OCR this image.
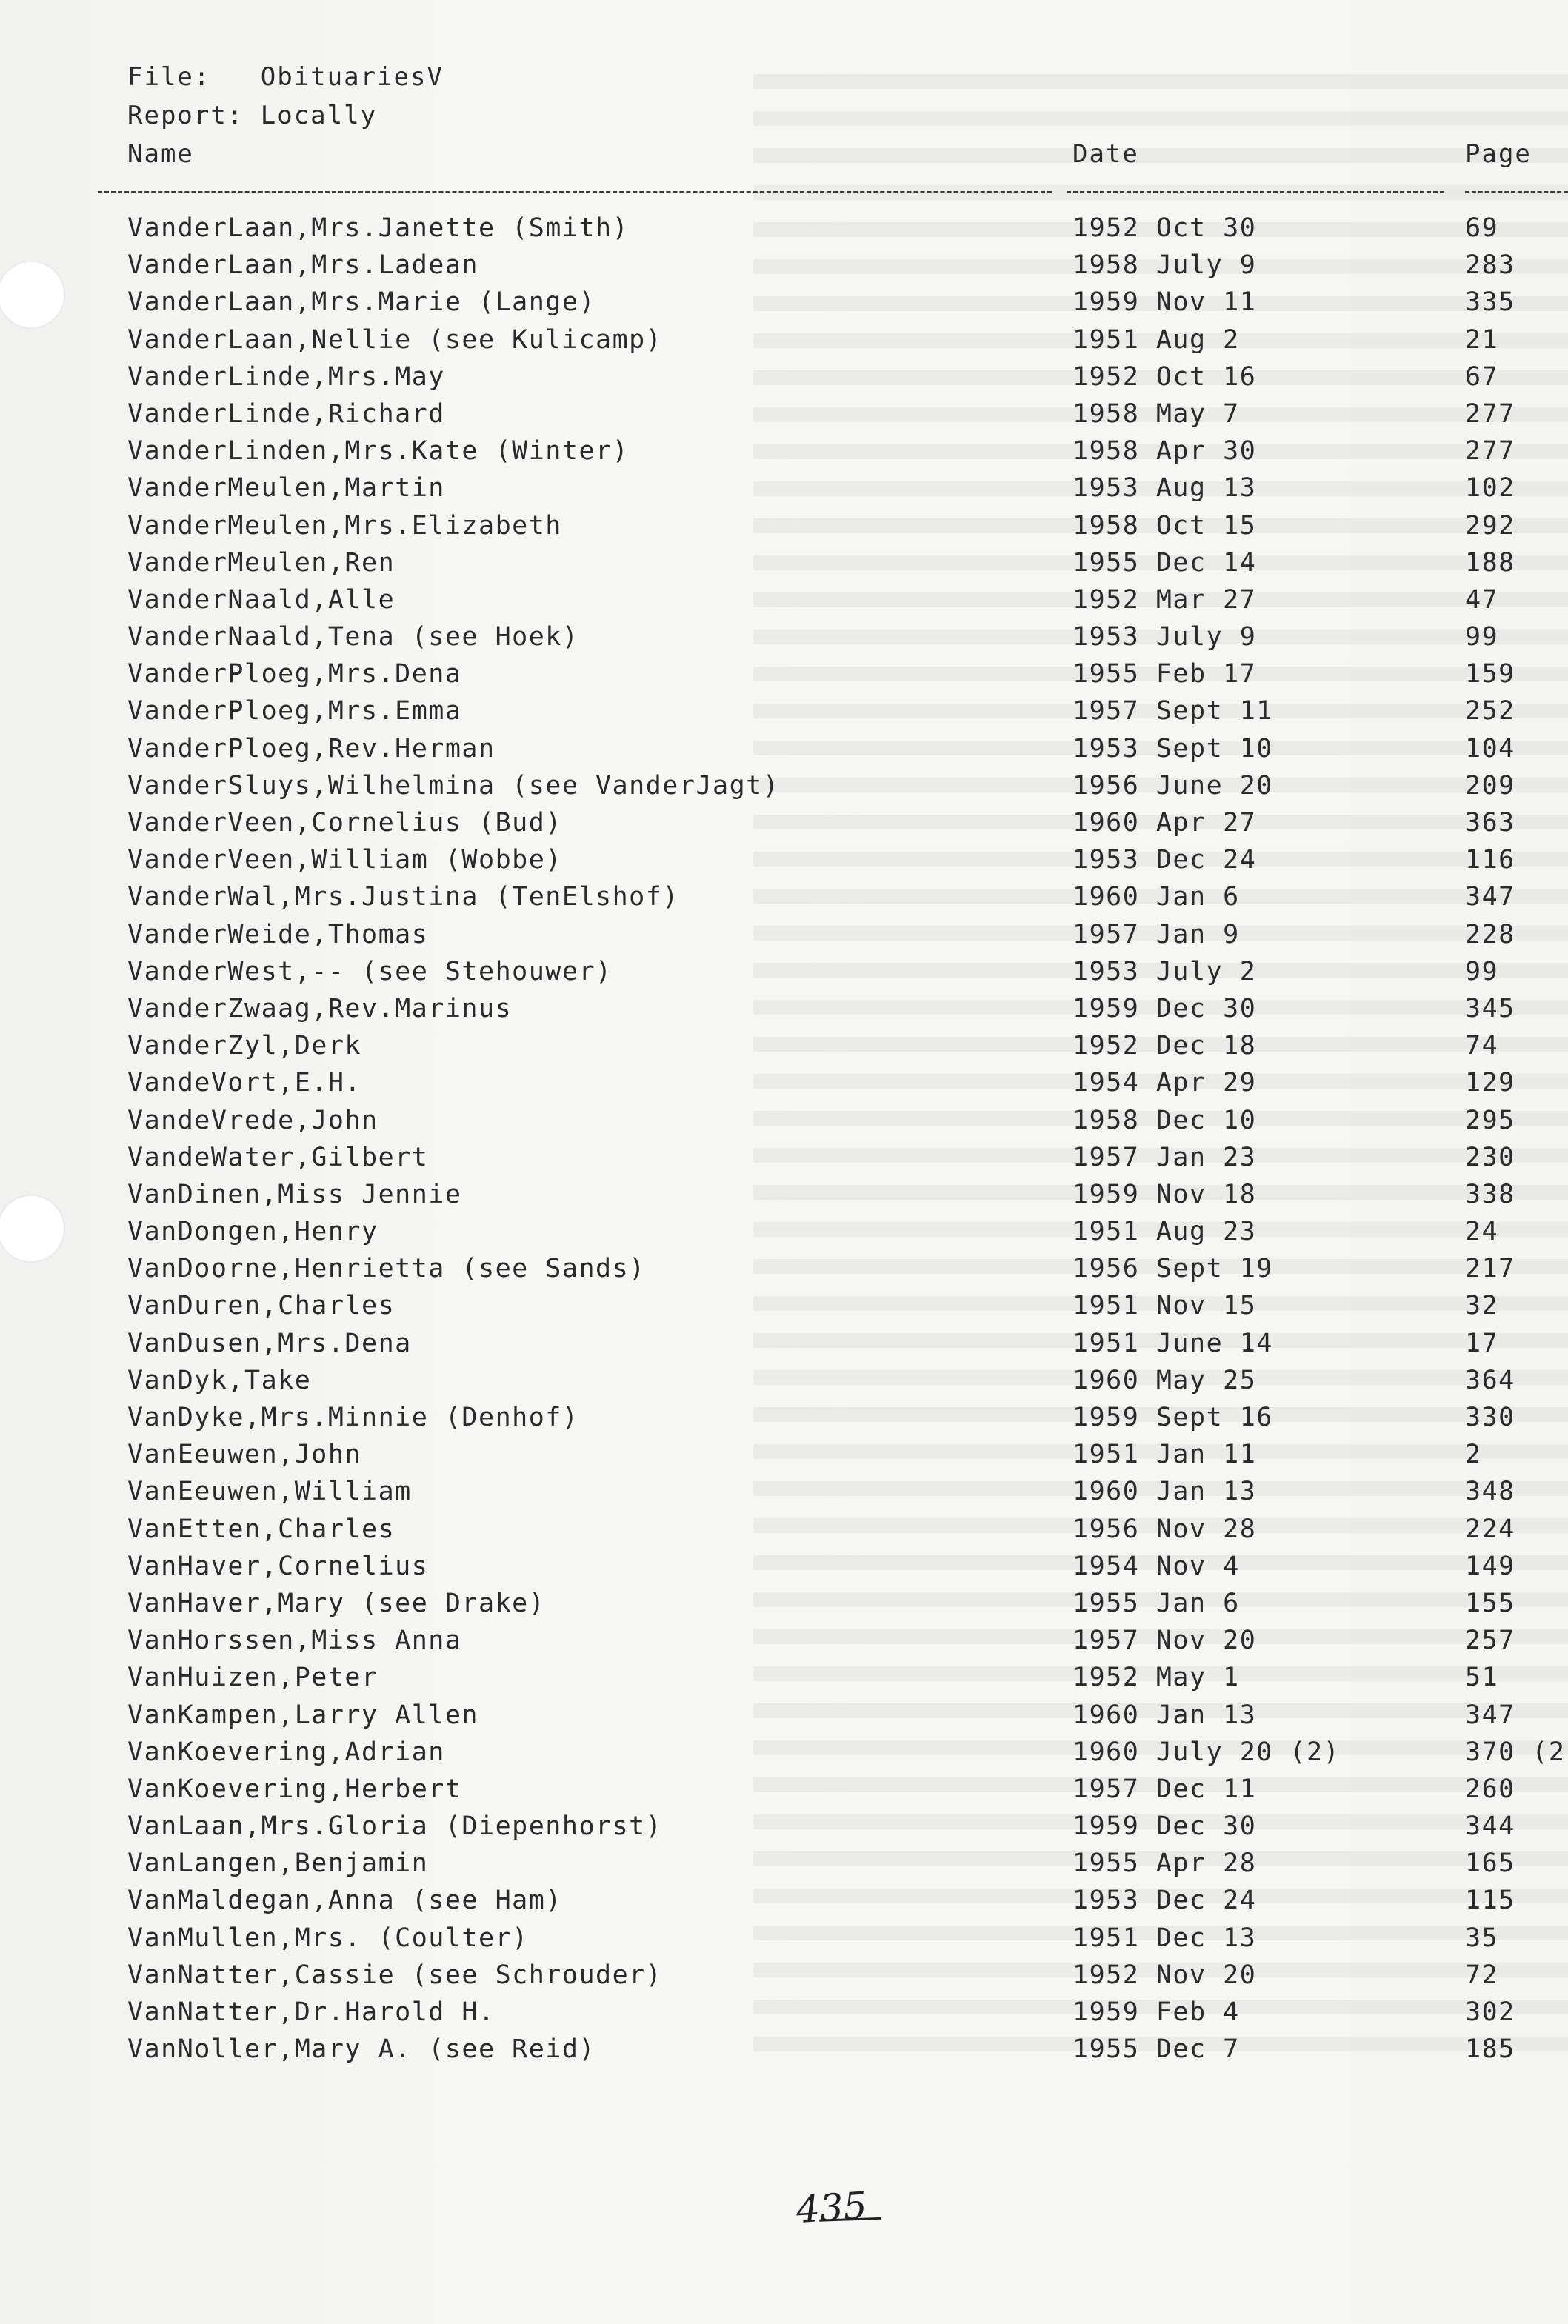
File:   ObituariesV
Report: Locally
Name	Date	Page
VanderLaan,Mrs.Janette (Smith)	1952 Oct 30	69
VanderLaan,Mrs.Ladean	1958 July 9	283
VanderLaan,Mrs.Marie (Lange)	1959 Nov 11	335
VanderLaan,Nellie (see Kulicamp)	1951 Aug 2	21
VanderLinde,Mrs.May	1952 Oct 16	67
VanderLinde,Richard	1958 May 7	277
VanderLinden,Mrs.Kate (Winter)	1958 Apr 30	277
VanderMeulen,Martin	1953 Aug 13	102
VanderMeulen,Mrs.Elizabeth	1958 Oct 15	292
VanderMeulen,Ren	1955 Dec 14	188
VanderNaald,Alle	1952 Mar 27	47
VanderNaald,Tena (see Hoek)	1953 July 9	99
VanderPloeg,Mrs.Dena	1955 Feb 17	159
VanderPloeg,Mrs.Emma	1957 Sept 11	252
VanderPloeg,Rev.Herman	1953 Sept 10	104
VanderSluys,Wilhelmina (see VanderJagt)	1956 June 20	209
VanderVeen,Cornelius (Bud)	1960 Apr 27	363
VanderVeen,William (Wobbe)	1953 Dec 24	116
VanderWal,Mrs.Justina (TenElshof)	1960 Jan 6	347
VanderWeide,Thomas	1957 Jan 9	228
VanderWest,-- (see Stehouwer)	1953 July 2	99
VanderZwaag,Rev.Marinus	1959 Dec 30	345
VanderZyl,Derk	1952 Dec 18	74
VandeVort,E.H.	1954 Apr 29	129
VandeVrede,John	1958 Dec 10	295
VandeWater,Gilbert	1957 Jan 23	230
VanDinen,Miss Jennie	1959 Nov 18	338
VanDongen,Henry	1951 Aug 23	24
VanDoorne,Henrietta (see Sands)	1956 Sept 19	217
VanDuren,Charles	1951 Nov 15	32
VanDusen,Mrs.Dena	1951 June 14	17
VanDyk,Take	1960 May 25	364
VanDyke,Mrs.Minnie (Denhof)	1959 Sept 16	330
VanEeuwen,John	1951 Jan 11	2
VanEeuwen,William	1960 Jan 13	348
VanEtten,Charles	1956 Nov 28	224
VanHaver,Cornelius	1954 Nov 4	149
VanHaver,Mary (see Drake)	1955 Jan 6	155
VanHorssen,Miss Anna	1957 Nov 20	257
VanHuizen,Peter	1952 May 1	51
VanKampen,Larry Allen	1960 Jan 13	347
VanKoevering,Adrian	1960 July 20 (2)	370 (2
VanKoevering,Herbert	1957 Dec 11	260
VanLaan,Mrs.Gloria (Diepenhorst)	1959 Dec 30	344
VanLangen,Benjamin	1955 Apr 28	165
VanMaldegan,Anna (see Ham)	1953 Dec 24	115
VanMullen,Mrs. (Coulter)	1951 Dec 13	35
VanNatter,Cassie (see Schrouder)	1952 Nov 20	72
VanNatter,Dr.Harold H.	1959 Feb 4	302
VanNoller,Mary A. (see Reid)	1955 Dec 7	185
435
